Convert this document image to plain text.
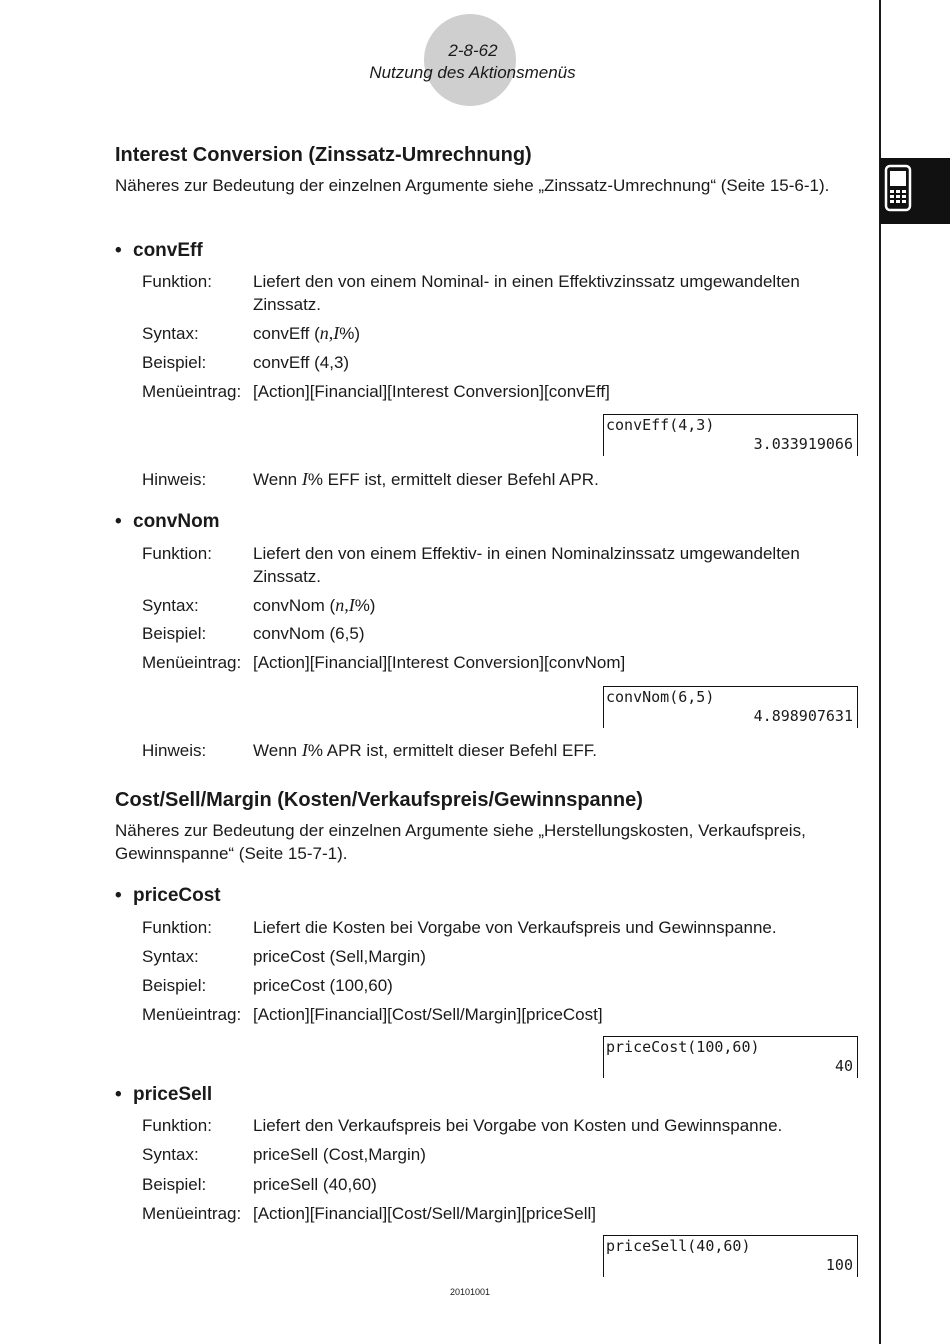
2-8-62
Nutzung des Aktionsmenüs
Interest Conversion (Zinssatz-Umrechnung)
Näheres zur Bedeutung der einzelnen Argumente siehe „Zinssatz-Umrechnung“ (Seite 15-6-1).
• convEff
Funktion: Liefert den von einem Nominal- in einen Effektivzinssatz umgewandelten Zinssatz.
Syntax:	convEff (n,I%)
Beispiel:	convEff (4,3)
Menüeintrag: [Action][Financial][Interest Conversion][convEff]
convEff(4,3)
3.033919066
Hinweis:	Wenn I% EFF ist, ermittelt dieser Befehl APR.
• convNom
Funktion: Liefert den von einem Effektiv- in einen Nominalzinssatz umgewandelten Zinssatz.
Syntax:	convNom (n,I%)
Beispiel:	convNom (6,5)
Menüeintrag: [Action][Financial][Interest Conversion][convNom]
convNom(6,5)
4.898907631
Hinweis:	Wenn I% APR ist, ermittelt dieser Befehl EFF.
Cost/Sell/Margin (Kosten/Verkaufspreis/Gewinnspanne)
Näheres zur Bedeutung der einzelnen Argumente siehe „Herstellungskosten, Verkaufspreis, Gewinnspanne“ (Seite 15-7-1).
• priceCost
Funktion: Liefert die Kosten bei Vorgabe von Verkaufspreis und Gewinnspanne.
Syntax:	priceCost (Sell,Margin)
Beispiel:	priceCost (100,60)
Menüeintrag: [Action][Financial][Cost/Sell/Margin][priceCost]
priceCost(100,60)
40
• priceSell
Funktion: Liefert den Verkaufspreis bei Vorgabe von Kosten und Gewinnspanne.
Syntax:	priceSell (Cost,Margin)
Beispiel:	priceSell (40,60)
Menüeintrag: [Action][Financial][Cost/Sell/Margin][priceSell]
priceSell(40,60)
100
20101001
